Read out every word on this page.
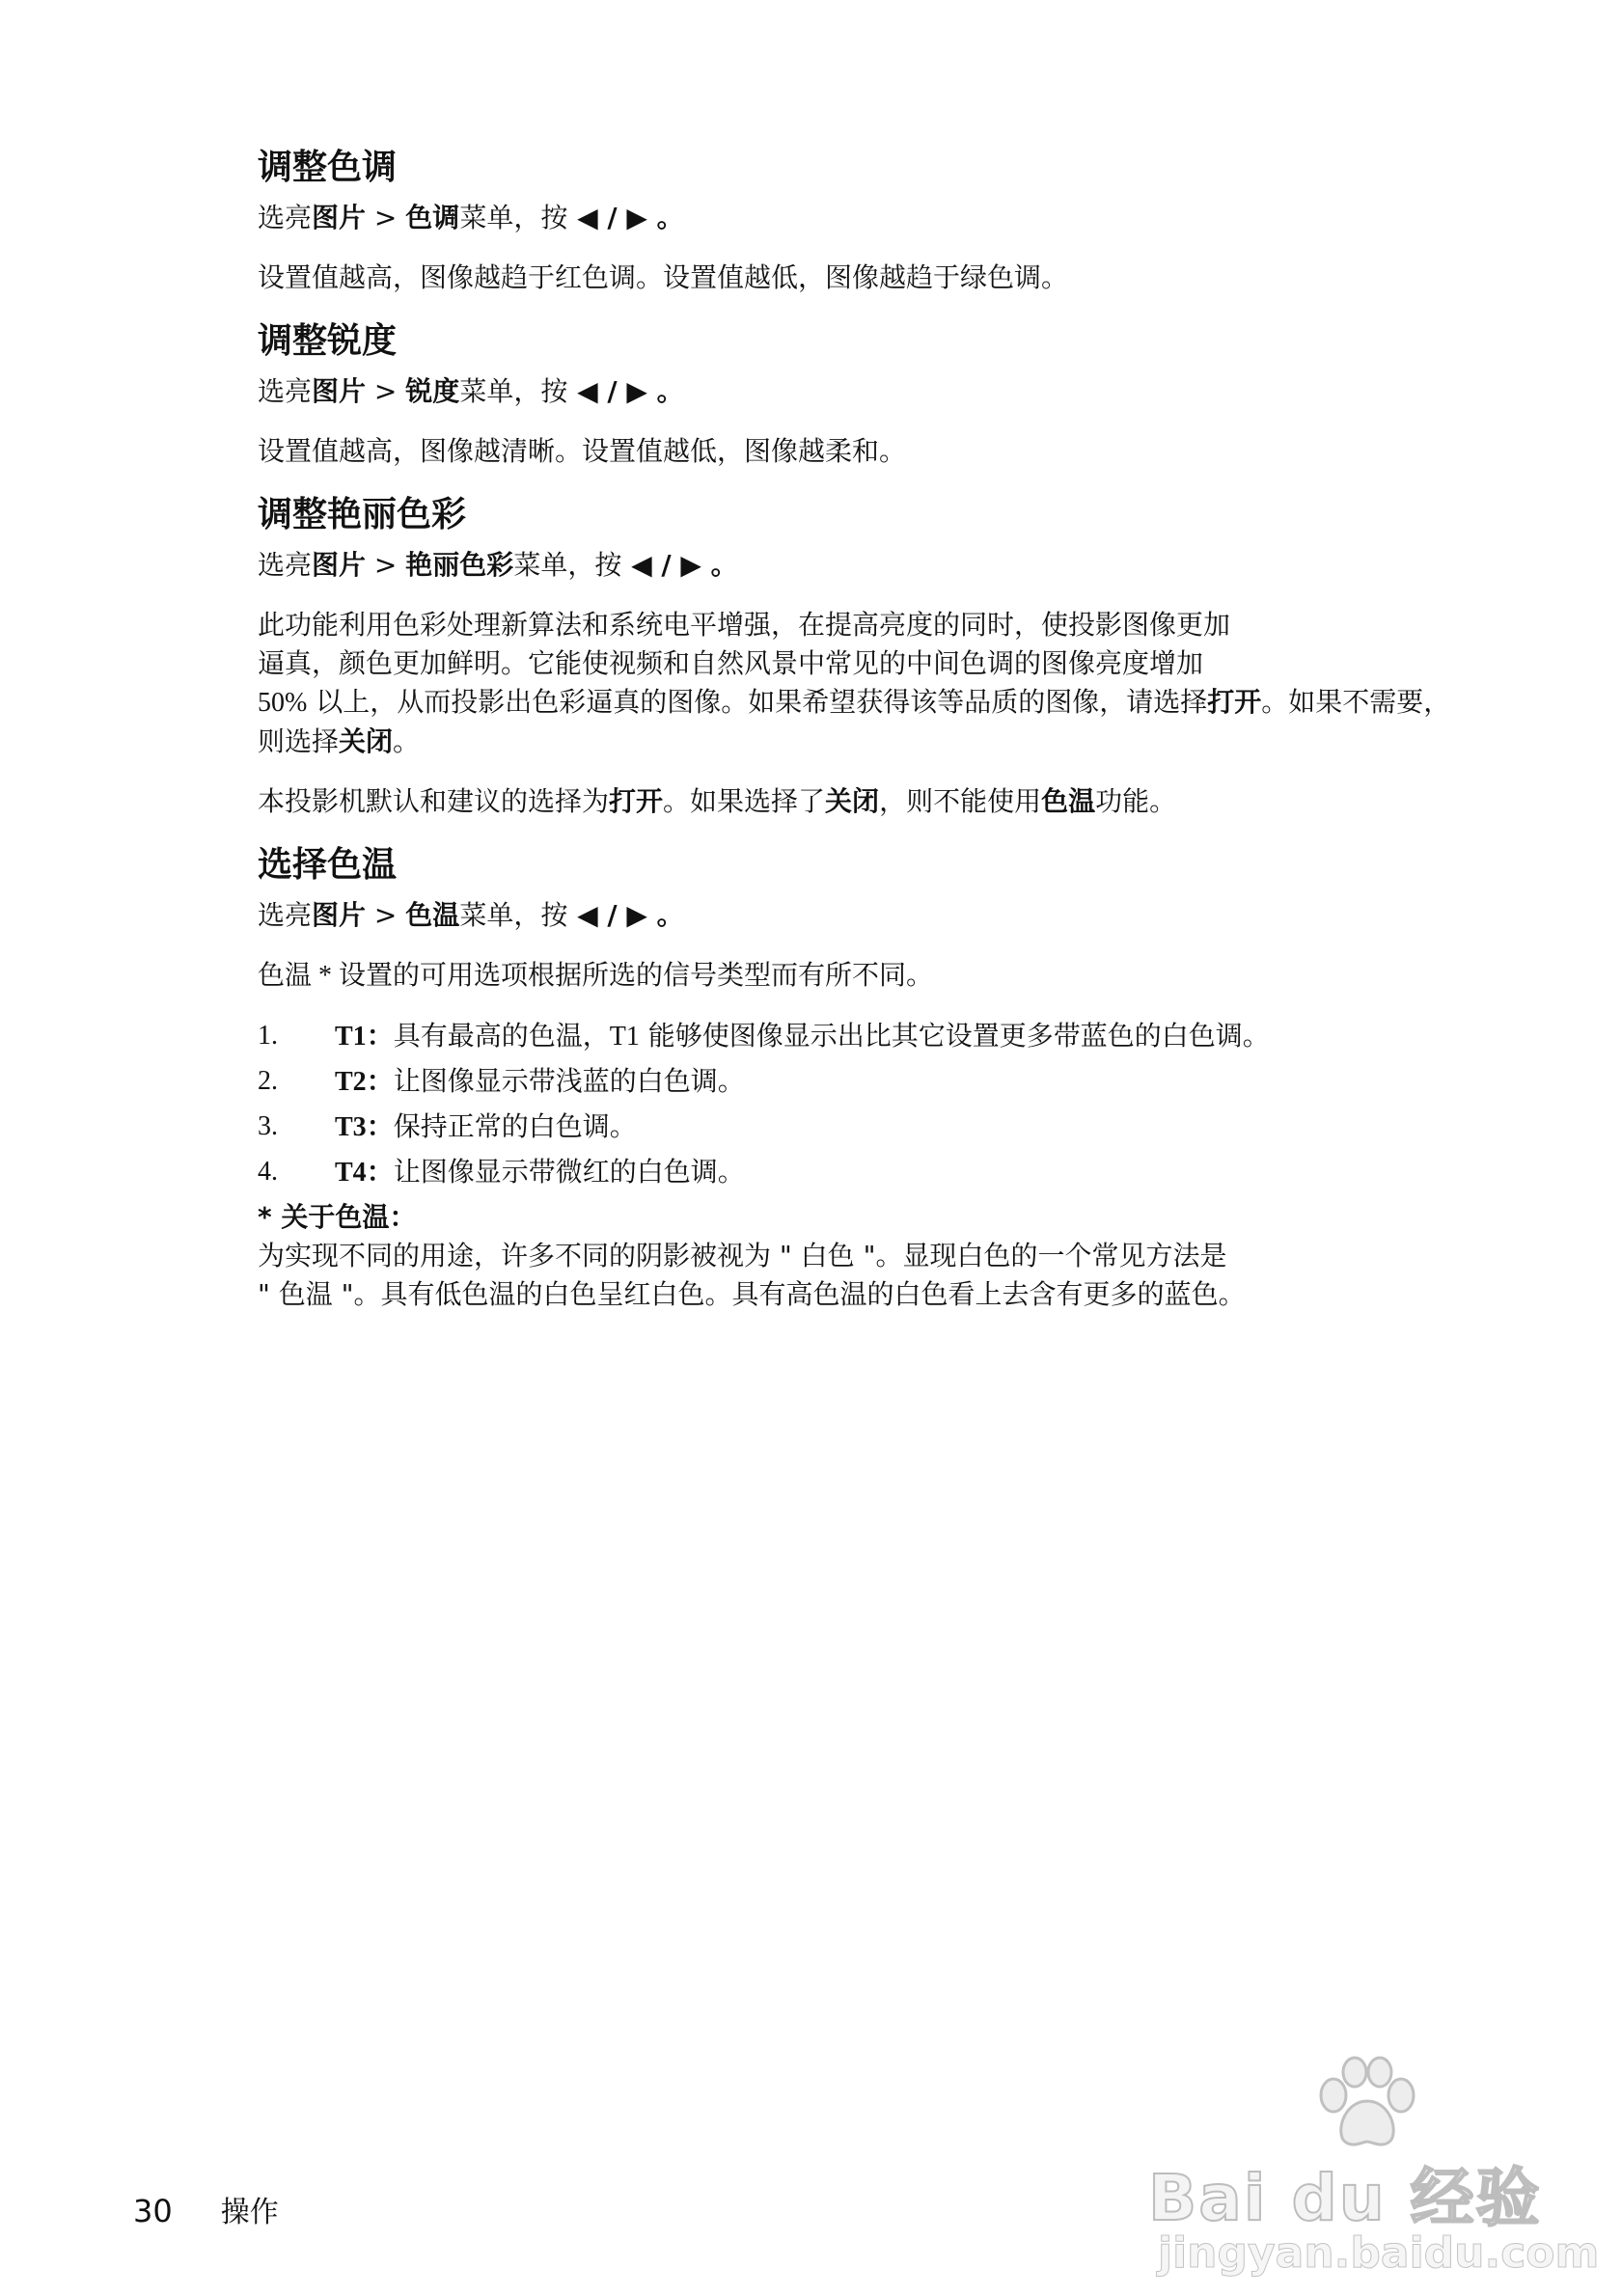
调整色调

选亮图片 > 色调菜单，按 ◀ / ▶ 。

设置值越高，图像越趋于红色调。设置值越低，图像越趋于绿色调。

调整锐度

选亮图片 > 锐度菜单，按 ◀ / ▶ 。

设置值越高，图像越清晰。设置值越低，图像越柔和。

调整艳丽色彩

选亮图片 > 艳丽色彩菜单，按 ◀ / ▶ 。

此功能利用色彩处理新算法和系统电平增强，在提高亮度的同时，使投影图像更加
逼真，颜色更加鲜明。它能使视频和自然风景中常见的中间色调的图像亮度增加
50% 以上，从而投影出色彩逼真的图像。如果希望获得该等品质的图像，请选择打开。如果不需要，则选择关闭。

本投影机默认和建议的选择为打开。如果选择了关闭，则不能使用色温功能。

选择色温

选亮图片 > 色温菜单，按 ◀ / ▶ 。

色温 * 设置的可用选项根据所选的信号类型而有所不同。

1. T1：具有最高的色温，T1 能够使图像显示出比其它设置更多带蓝色的白色调。
2. T2：让图像显示带浅蓝的白色调。
3. T3：保持正常的白色调。
4. T4：让图像显示带微红的白色调。

* 关于色温：

为实现不同的用途，许多不同的阴影被视为 " 白色 "。显现白色的一个常见方法是
" 色温 "。具有低色温的白色呈红白色。具有高色温的白色看上去含有更多的蓝色。

30 操作	Bai du 经验
jingyan.baidu.com
